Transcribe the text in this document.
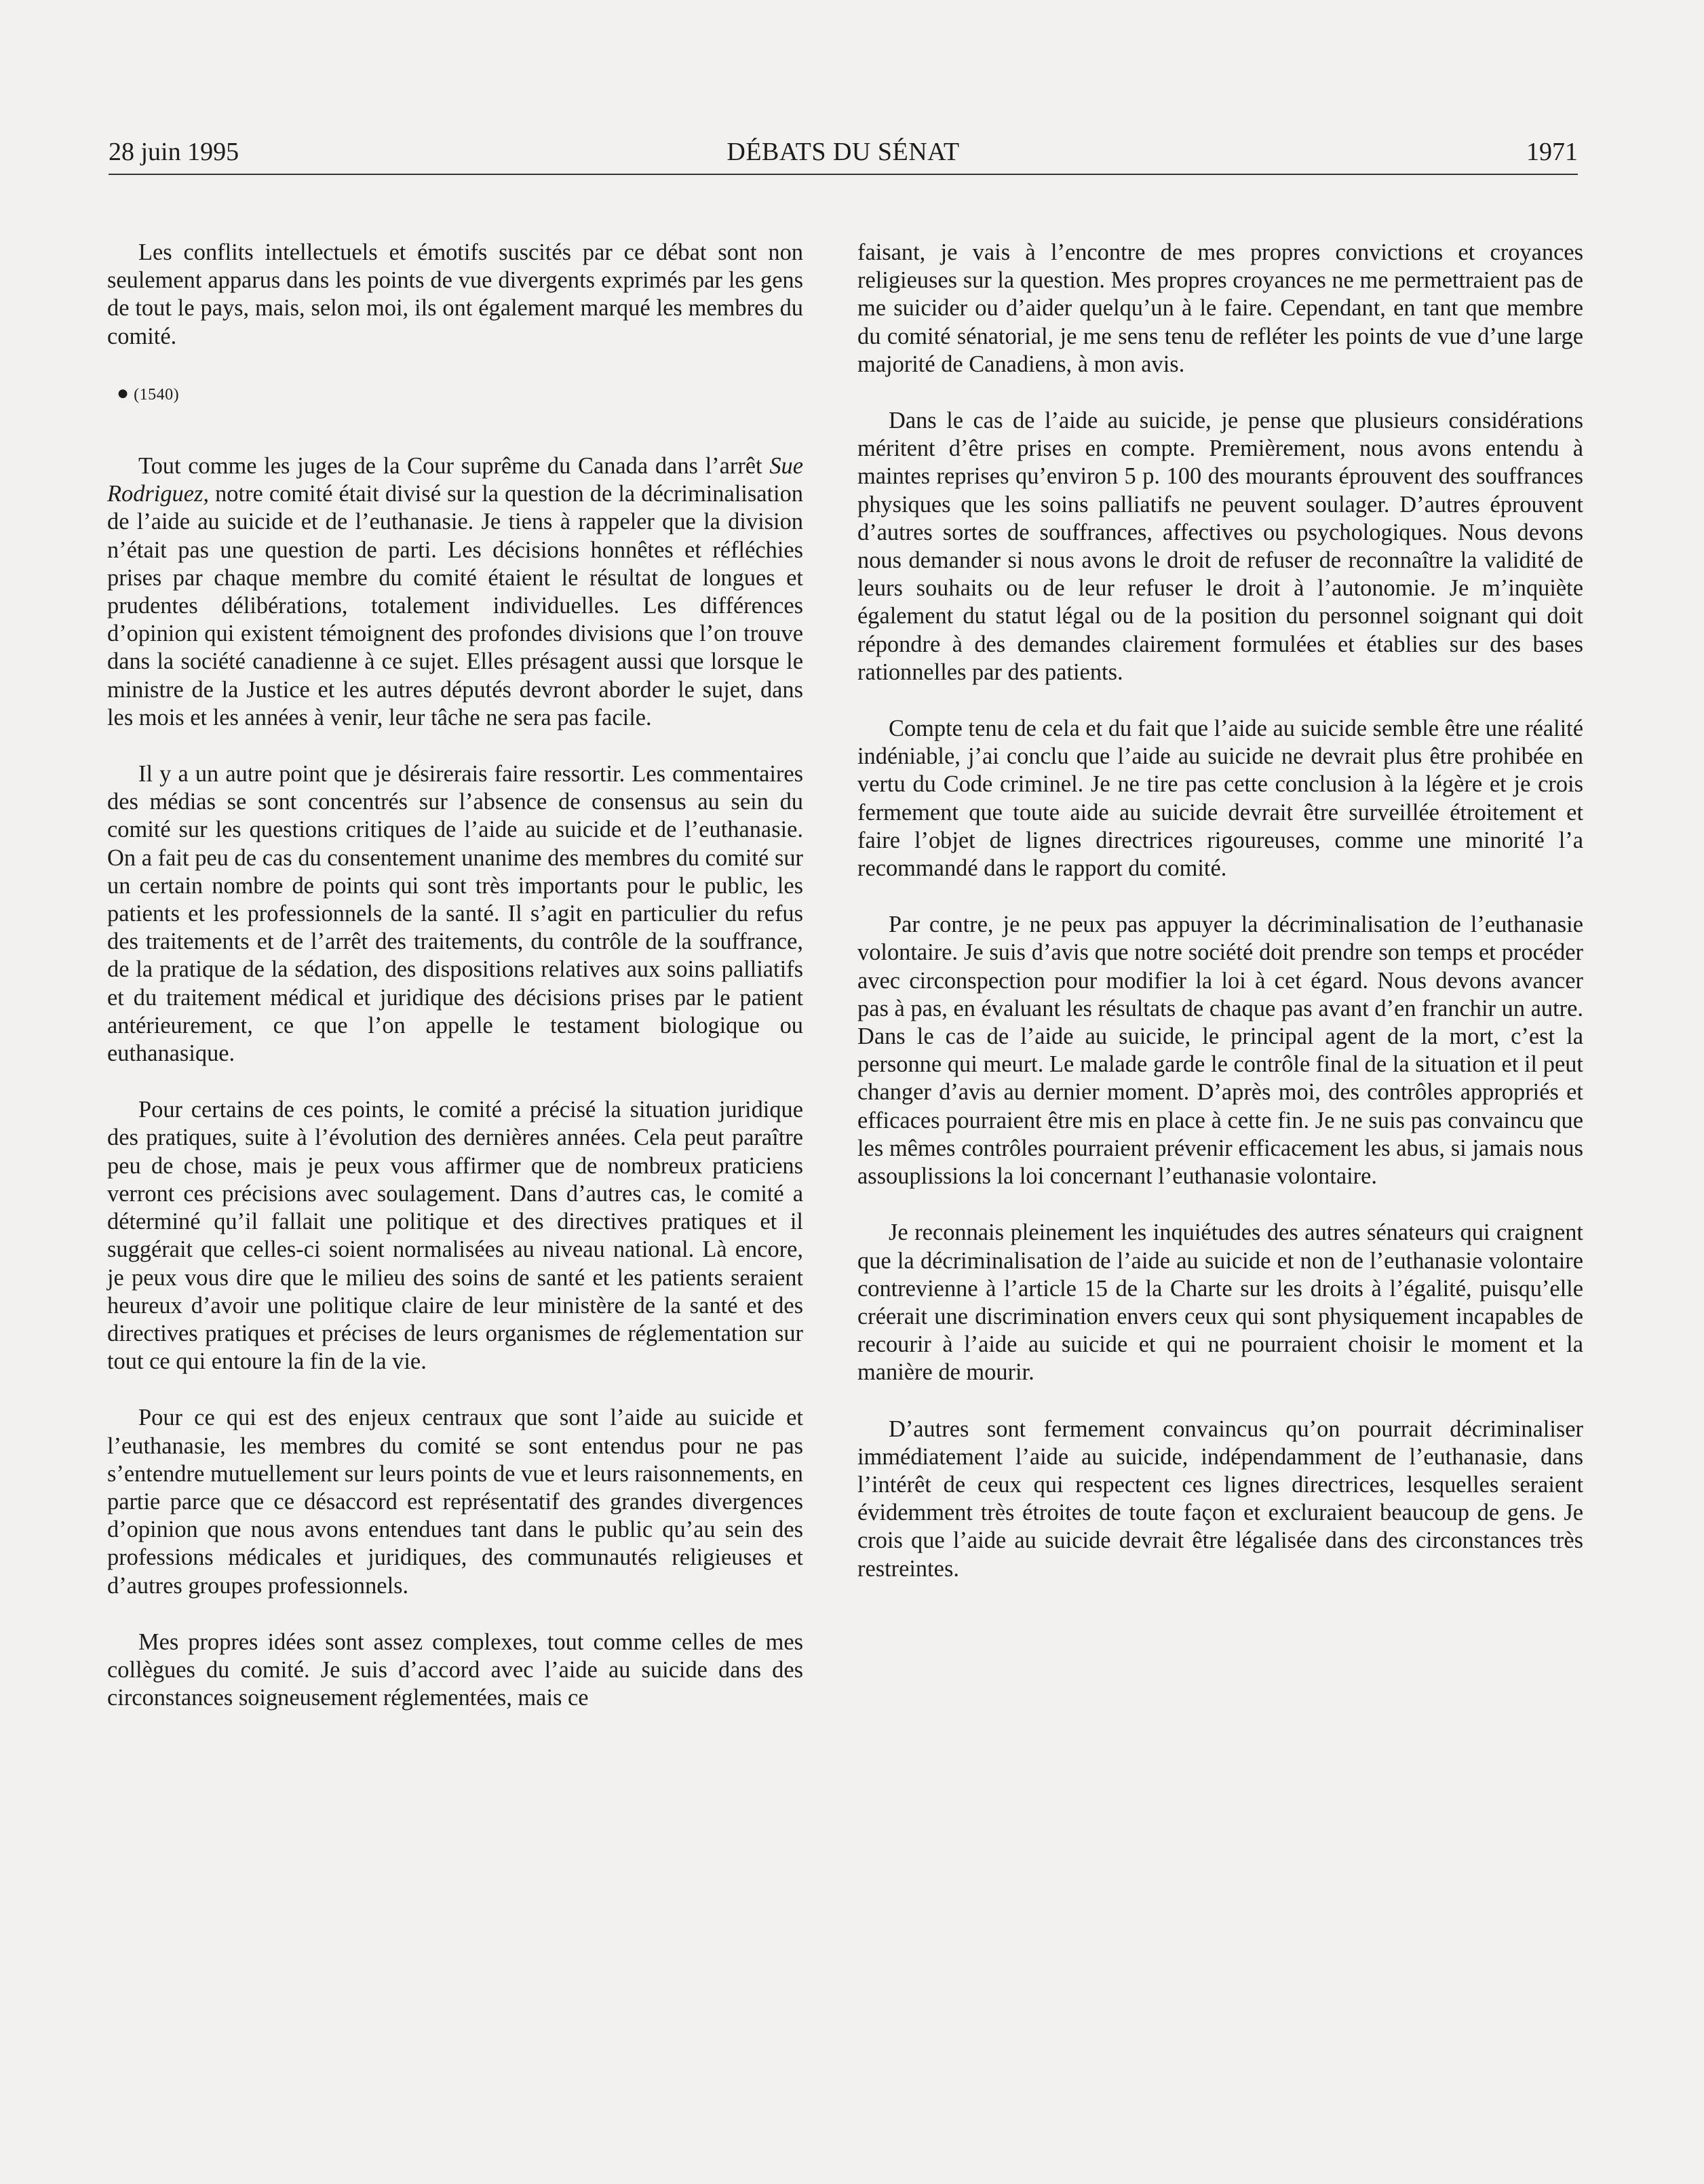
28 juin 1995	DÉBATS DU SÉNAT	1971

Les conflits intellectuels et émotifs suscités par ce débat sont non seulement apparus dans les points de vue divergents exprimés par les gens de tout le pays, mais, selon moi, ils ont également marqué les membres du comité.

● (1540)

Tout comme les juges de la Cour suprême du Canada dans l’arrêt Sue Rodriguez, notre comité était divisé sur la question de la décriminalisation de l’aide au suicide et de l’euthanasie. Je tiens à rappeler que la division n’était pas une question de parti. Les décisions honnêtes et réfléchies prises par chaque membre du comité étaient le résultat de longues et prudentes délibérations, totalement individuelles. Les différences d’opinion qui existent témoignent des profondes divisions que l’on trouve dans la société canadienne à ce sujet. Elles présagent aussi que lorsque le ministre de la Justice et les autres députés devront aborder le sujet, dans les mois et les années à venir, leur tâche ne sera pas facile.

Il y a un autre point que je désirerais faire ressortir. Les commentaires des médias se sont concentrés sur l’absence de consensus au sein du comité sur les questions critiques de l’aide au suicide et de l’euthanasie. On a fait peu de cas du consentement unanime des membres du comité sur un certain nombre de points qui sont très importants pour le public, les patients et les professionnels de la santé. Il s’agit en particulier du refus des traitements et de l’arrêt des traitements, du contrôle de la souffrance, de la pratique de la sédation, des dispositions relatives aux soins palliatifs et du traitement médical et juridique des décisions prises par le patient antérieurement, ce que l’on appelle le testament biologique ou euthanasique.

Pour certains de ces points, le comité a précisé la situation juridique des pratiques, suite à l’évolution des dernières années. Cela peut paraître peu de chose, mais je peux vous affirmer que de nombreux praticiens verront ces précisions avec soulagement. Dans d’autres cas, le comité a déterminé qu’il fallait une politique et des directives pratiques et il suggérait que celles-ci soient normalisées au niveau national. Là encore, je peux vous dire que le milieu des soins de santé et les patients seraient heureux d’avoir une politique claire de leur ministère de la santé et des directives pratiques et précises de leurs organismes de réglementation sur tout ce qui entoure la fin de la vie.

Pour ce qui est des enjeux centraux que sont l’aide au suicide et l’euthanasie, les membres du comité se sont entendus pour ne pas s’entendre mutuellement sur leurs points de vue et leurs raisonnements, en partie parce que ce désaccord est représentatif des grandes divergences d’opinion que nous avons entendues tant dans le public qu’au sein des professions médicales et juridiques, des communautés religieuses et d’autres groupes professionnels.

Mes propres idées sont assez complexes, tout comme celles de mes collègues du comité. Je suis d’accord avec l’aide au suicide dans des circonstances soigneusement réglementées, mais ce

faisant, je vais à l’encontre de mes propres convictions et croyances religieuses sur la question. Mes propres croyances ne me permettraient pas de me suicider ou d’aider quelqu’un à le faire. Cependant, en tant que membre du comité sénatorial, je me sens tenu de refléter les points de vue d’une large majorité de Canadiens, à mon avis.

Dans le cas de l’aide au suicide, je pense que plusieurs considérations méritent d’être prises en compte. Premièrement, nous avons entendu à maintes reprises qu’environ 5 p. 100 des mourants éprouvent des souffrances physiques que les soins palliatifs ne peuvent soulager. D’autres éprouvent d’autres sortes de souffrances, affectives ou psychologiques. Nous devons nous demander si nous avons le droit de refuser de reconnaître la validité de leurs souhaits ou de leur refuser le droit à l’autonomie. Je m’inquiète également du statut légal ou de la position du personnel soignant qui doit répondre à des demandes clairement formulées et établies sur des bases rationnelles par des patients.

Compte tenu de cela et du fait que l’aide au suicide semble être une réalité indéniable, j’ai conclu que l’aide au suicide ne devrait plus être prohibée en vertu du Code criminel. Je ne tire pas cette conclusion à la légère et je crois fermement que toute aide au suicide devrait être surveillée étroitement et faire l’objet de lignes directrices rigoureuses, comme une minorité l’a recommandé dans le rapport du comité.

Par contre, je ne peux pas appuyer la décriminalisation de l’euthanasie volontaire. Je suis d’avis que notre société doit prendre son temps et procéder avec circonspection pour modifier la loi à cet égard. Nous devons avancer pas à pas, en évaluant les résultats de chaque pas avant d’en franchir un autre. Dans le cas de l’aide au suicide, le principal agent de la mort, c’est la personne qui meurt. Le malade garde le contrôle final de la situation et il peut changer d’avis au dernier moment. D’après moi, des contrôles appropriés et efficaces pourraient être mis en place à cette fin. Je ne suis pas convaincu que les mêmes contrôles pourraient prévenir efficacement les abus, si jamais nous assouplissions la loi concernant l’euthanasie volontaire.

Je reconnais pleinement les inquiétudes des autres sénateurs qui craignent que la décriminalisation de l’aide au suicide et non de l’euthanasie volontaire contrevienne à l’article 15 de la Charte sur les droits à l’égalité, puisqu’elle créerait une discrimination envers ceux qui sont physiquement incapables de recourir à l’aide au suicide et qui ne pourraient choisir le moment et la manière de mourir.

D’autres sont fermement convaincus qu’on pourrait décriminaliser immédiatement l’aide au suicide, indépendamment de l’euthanasie, dans l’intérêt de ceux qui respectent ces lignes directrices, lesquelles seraient évidemment très étroites de toute façon et excluraient beaucoup de gens. Je crois que l’aide au suicide devrait être légalisée dans des circonstances très restreintes.
